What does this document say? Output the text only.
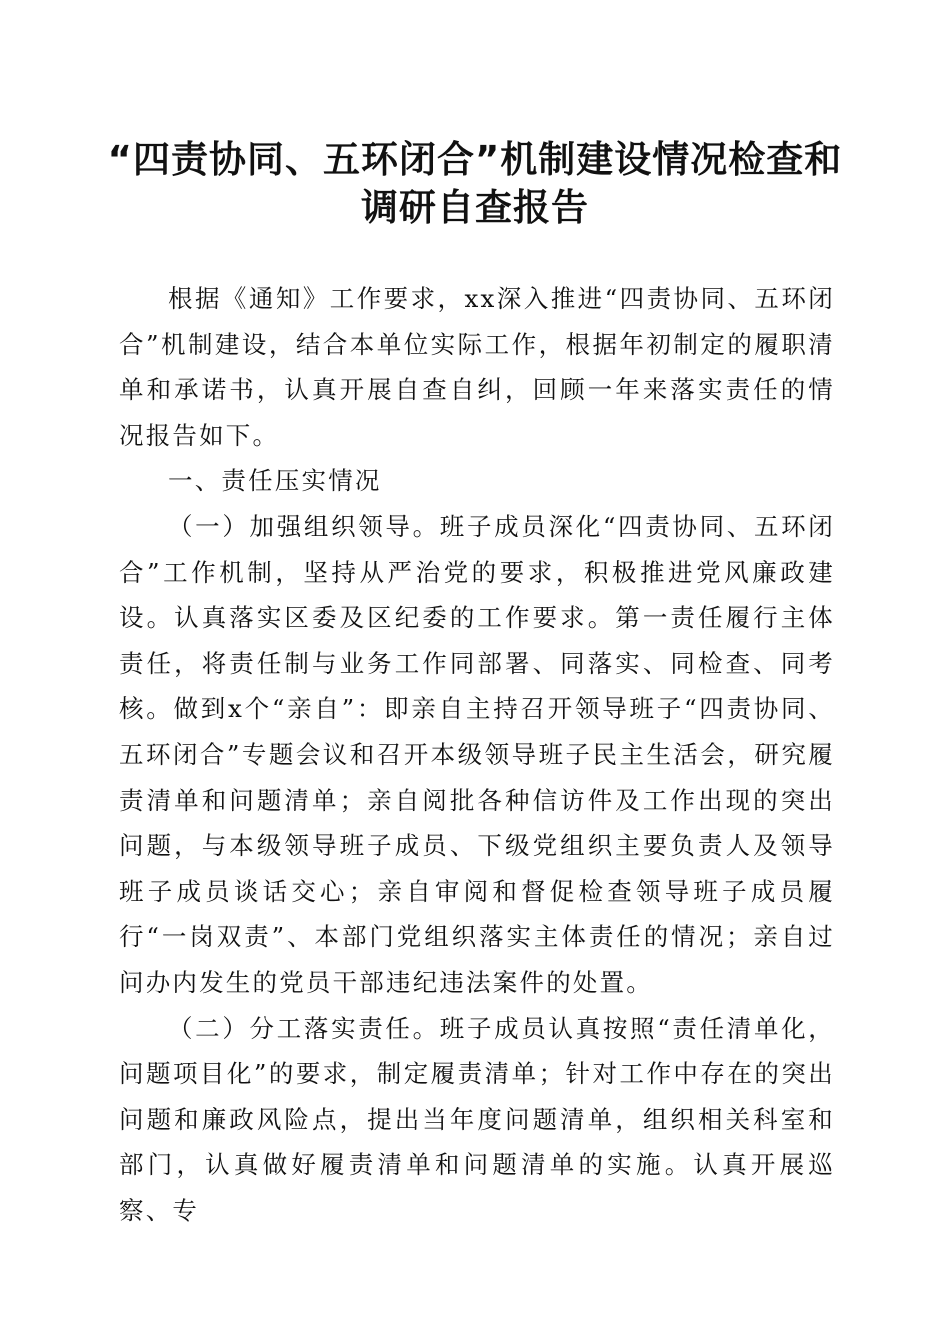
“四责协同、五环闭合”机制建设情况检查和
调研自查报告

根据《通知》工作要求，xx深入推进“四责协同、五环闭合”机制建设，结合本单位实际工作，根据年初制定的履职清单和承诺书，认真开展自查自纠，回顾一年来落实责任的情况报告如下。

一、责任压实情况

（一）加强组织领导。班子成员深化“四责协同、五环闭合”工作机制，坚持从严治党的要求，积极推进党风廉政建设。认真落实区委及区纪委的工作要求。第一责任履行主体责任，将责任制与业务工作同部署、同落实、同检查、同考核。做到x个“亲自”：即亲自主持召开领导班子“四责协同、五环闭合”专题会议和召开本级领导班子民主生活会，研究履责清单和问题清单；亲自阅批各种信访件及工作出现的突出问题，与本级领导班子成员、下级党组织主要负责人及领导班子成员谈话交心；亲自审阅和督促检查领导班子成员履行“一岗双责”、本部门党组织落实主体责任的情况；亲自过问办内发生的党员干部违纪违法案件的处置。

（二）分工落实责任。班子成员认真按照“责任清单化，问题项目化”的要求，制定履责清单；针对工作中存在的突出问题和廉政风险点，提出当年度问题清单，组织相关科室和部门，认真做好履责清单和问题清单的实施。认真开展巡察、专
